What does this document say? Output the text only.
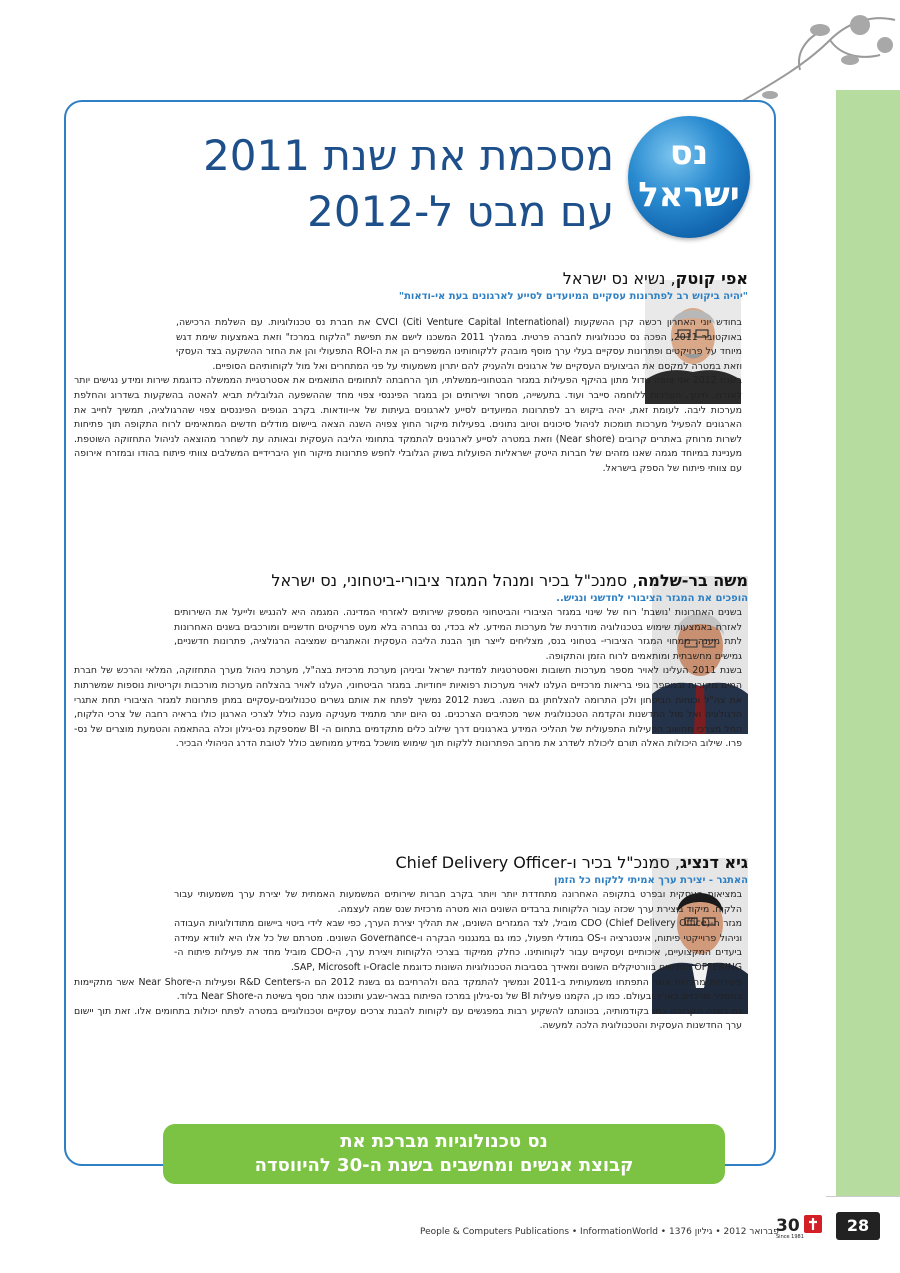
נס
ישראל
מסכמת את שנת 2011
עם מבט ל-2012
אפי קוטק, נשיא נס ישראל
"יהיה ביקוש רב לפתרונות עסקיים המיועדים לסייע לארגונים בעת אי-ודאות"

בחודש יוני האחרון רכשה קרן ההשקעות CVCI (Citi Venture Capital International) את חברת נס טכנולוגיות. עם השלמת הרכישה, באוקטובר 2011, הפכה נס טכנולוגיות לחברה פרטית. במהלך 2011 המשכנו לישם את תפישת "הלקוח במרכז" וזאת באמצעות שימת דגש מיוחד על פרויקטים ופתרונות עסקיים בעלי ערך מוסף מובהק ללקוחותינו המשפרים הן את ה-ROI התפעולי והן את החזר ההשקעה בצד העסקי וזאת במטרה למקסם את הביצועים העסקיים של ארגונים ולהעניק להם יתרון משמעותי על פני המתחרים ואל מול לקוחותיהם הסופיים.

בשנת 2012 אני צופה גידול מתון בהיקף הפעילות במגזר הבטחוני-ממשלתי, תוך הרחבתה לתחומים התואמים את אסטרטגיית הממשלה כדוגמת שירות ומידע נגישים יותר לאזרח, חינוך, הערכות ללוחמה סייבר ועוד. בתעשייה, מסחר ושירותים וכן במגזר הפיננסי צפוי מחד שההשפעה הגלובלית תביא להאטה בהשקעות בשדרוג והחלפת מערכות ליבה. לעומת זאת, יהיה ביקוש רב לפתרונות המיועדים לסייע לארגונים בעיתות של אי-וודאות. בקרב הגופים הפיננסים צפוי שהרגולציה, תמשיך לחייב את הארגונים להפעיל מערכות תומכות לניהול סיכונים וטיוב נתונים. בפעילות מיקור החוץ צפויה השנה הצאה ביישום מודלים חדשים המתאימים לרוח התקופה תוך פתיחות לשרות מרוחק באתרים קרובים (Near shore) וזאת במטרה לסייע לארגונים להתמקד בתחומי הליבה העסקית ובאותה עת לשחרר מהוצאה לניהול התחזוקה השוטפת. מעניינת במיוחד מגמה שאנו מזהים של חברות הייטק ישראליות הפועלות בשוק הגלובלי לחפש פתרונות מיקור חוץ היברידיים המשלבים צוותי פיתוח בהודו ובמזרח אירופה עם צוותי פיתוח של הספק בישראל.

משה בר-שלמה, סמנכ"ל בכיר ומנהל המגזר ציבורי-ביטחוני, נס ישראל
הופכים את המגזר הציבורי לחדשני ונגיש..

בשנים האחרונות 'נושבת' רוח של שינוי במגזר הציבורי והביטחוני המספק שירותים לאזרחי המדינה. המגמה היא להנגיש ולייעל את השירותים לאזרח באמצעות שימוש בטכנולוגיה מודרנית של מערכות המידע. לא בכדי, נס נבחרה בלא מעט פרויקטים חדשניים ומורכבים בשנים האחרונות לתת מענה. ממחוי המגזר הציבורי- בטחוני בנס, מצליחים לייצר תוך הבנת הליבה העסקית והאתגרים שמציבה הרגולציה, פתרונות חדשניים, גמישים מחשבתית ומותאמים לרוח הזמן והתקופה.

בשנת 2011 העלינו לאויר מספר מערכות חשובות ואסטרטגיות למדינת ישראל וביניהן מערכת מרכזית בצה"ל, מערכת ניהול מערך התחזוקה, המלאי והרכש של חברת המים מקורות ובמספר גופי בריאות מרכזיים העלנו לאויר מערכות רפואיות ייחודיות. במגזר הביטחוני, העלנו לאויר בהצלחה מערכות מורכבות וקריטיות נוספות שמשרתות את צה"ל וכוחות הביטחון ולכן התרומה להצלחתן גם השנה. בשנת 2012 נמשיך לפתח את אותם גשרים טכנולוגים-עסקיים במתן פתרונות למגזר הציבורי תחת אתגרי הרגולציה ואל מול החדשנות והקדמה הטכנולוגית אשר מכתיבים הצרכנים. נס היום יותר מתמיד מעניקה מענה כולל לצרכי הארגון כולו בראיה רחבה של צרכי הלקוח, החל מצרכי מחשוב הפעילות התפעולית של תהליכי המידע בארגונים דרך שילוב כלים מתקדמים בתחום ה- BI שמספקת נס-גילון וכלה בהתאמה והטמעת מוצרים של נס- פרו. שילוב היכולות האלה תורם ליכולת לשדרג את מרחב הפתרונות ללקוח תוך שימוש מושכל במידע ממוחשב כולל לטובת הדרג הניהולי הבכיר.

גיא דנציג, סמנכ"ל בכיר ו-Chief Delivery Officer
האתגר - יצירת ערך אמיתי ללקוח כל הזמן

במציאות העסקית ובפרט בתקופה האחרונה מתחדדת יותר ויותר בקרב חברות שירותים המשמעות האמתית של יצירת ערך משמעותי עבור הלקוח. מיקוד ביצירת ערך שכזה עבור הלקוחות ברבדים השונים הוא מטרה מרכזית שנס שמה לעצמה.

מגזר ה-CDO (Chief Delivery Office) מוביל, לצד המגזרים השונים, את תהליך יצירת הערך, כפי שבא לידי ביטוי ביישום מתודולוגיות העבודה וניהול פרוייקטי פיתוח, אינטגרציה ו-OS במודלי תפעול, כמו גם במנגנוני הבקרה ו-Governance השונים. מטרתם של כל אלו היא לוודא עמידה ביעדים המקצועיים, איכותיים ועסקיים עבור לקוחותינו. כחלק ממיקוד בצרכי הלקוחות ויצירת ערך, ה-CDO מוביל מחד את פעילות פיתוח ה-OFFERING החדשים בוורטיקלים השונים ומאידך בסביבות הטכנולוגיות השונות כדוגמת Oracle-ו SAP, Microsoft.

פעילויות מרכזיות אשר התפתחו משמעותית ב-2011 ונמשיך להתמקד בהם ולהרחיבם גם בשנת 2012 הם ה-R&D Centers ופעילות ה-Near Shore אשר מתקיימות במספר מרכזים בארץ ובעולם. כמו כן, הקמנו פעילות BI של נס-גילון במרכז הפיתוח בבאר-שבע ותוכננו אתר נוסף בשיטת ה-Near Shore בלוד.

גם בשנה הקרובה כמו בקודמותיה, בכוונתנו להשקיע רבות במפגשים עם לקוחות להבנת צרכים עסקיים וטכנולוגיים במטרה לפתח יכולות בתחומים אלו. זאת תוך יישום ערך החדשנות העסקית והטכנולוגית הלכה למעשה.

נס טכנולוגיות מברכת את
קבוצת אנשים ומחשבים בשנת ה-30 להיווסדה
People & Computers Publications • InformationWorld • פברואר 2012 • גיליון 1376
30
Since 1981
28
